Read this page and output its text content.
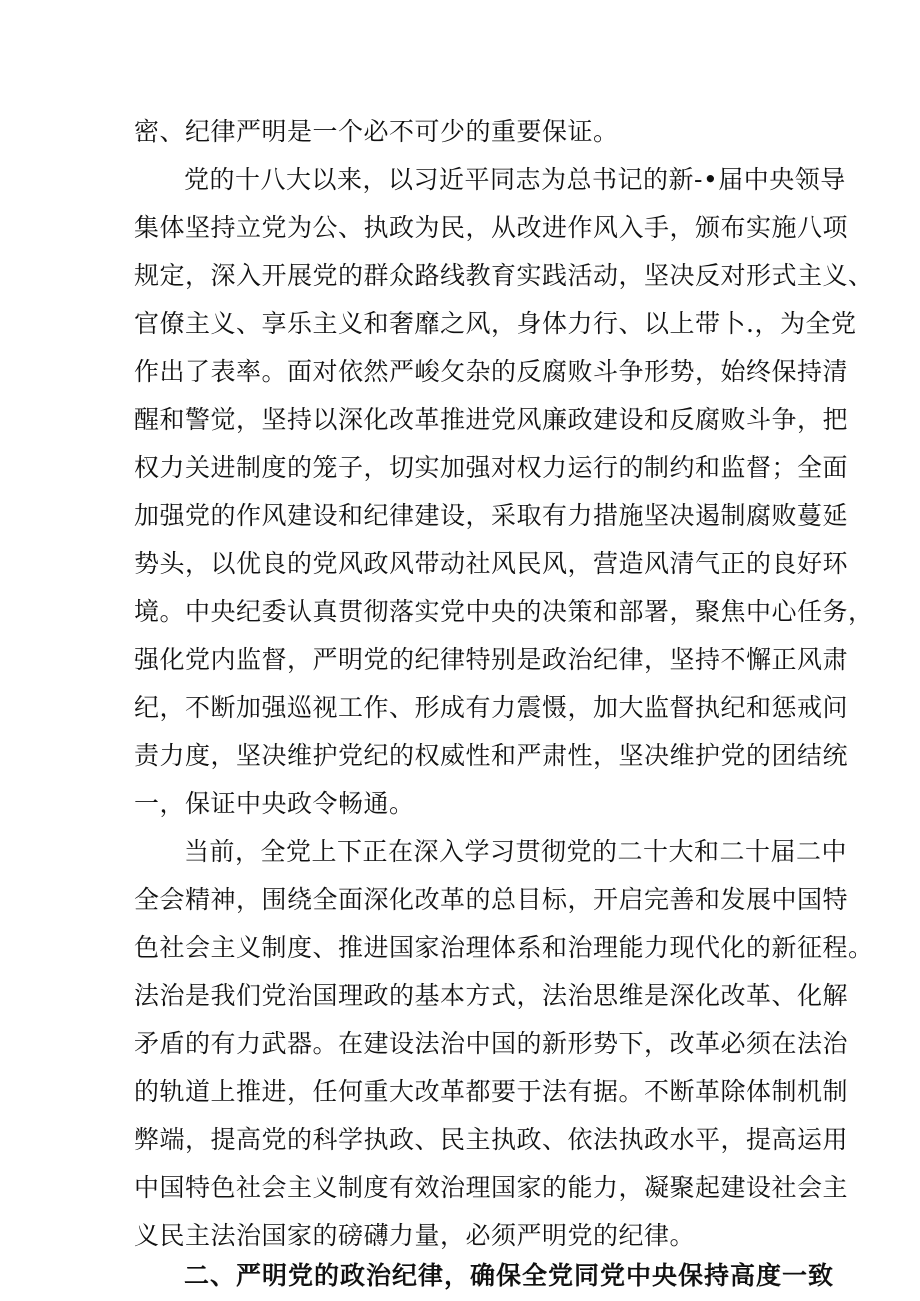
密、纪律严明是一个必不可少的重要保证。
党的十八大以来，以习近平同志为总书记的新-•届中央领导
集体坚持立党为公、执政为民，从改进作风入手，颁布实施八项
规定，深入开展党的群众路线教育实践活动，坚决反对形式主义、
官僚主义、享乐主义和奢靡之风，身体力行、以上带卜.，为全党
作出了表率。面对依然严峻攵杂的反腐败斗争形势，始终保持清
醒和警觉，坚持以深化改革推进党风廉政建设和反腐败斗争，把
权力关进制度的笼子，切实加强对权力运行的制约和监督；全面
加强党的作风建设和纪律建设，采取有力措施坚决遏制腐败蔓延
势头，以优良的党风政风带动社风民风，营造风清气正的良好环
境。中央纪委认真贯彻落实党中央的决策和部署，聚焦中心任务，
强化党内监督，严明党的纪律特别是政治纪律，坚持不懈正风肃
纪，不断加强巡视工作、形成有力震慑，加大监督执纪和惩戒问
责力度，坚决维护党纪的权威性和严肃性，坚决维护党的团结统
一，保证中央政令畅通。
当前，全党上下正在深入学习贯彻党的二十大和二十届二中
全会精神，围绕全面深化改革的总目标，开启完善和发展中国特
色社会主义制度、推进国家治理体系和治理能力现代化的新征程。
法治是我们党治国理政的基本方式，法治思维是深化改革、化解
矛盾的有力武器。在建设法治中国的新形势下，改革必须在法治
的轨道上推进，任何重大改革都要于法有据。不断革除体制机制
弊端，提高党的科学执政、民主执政、依法执政水平，提高运用
中国特色社会主义制度有效治理国家的能力，凝聚起建设社会主
义民主法治国家的磅礴力量，必须严明党的纪律。
二、严明党的政治纪律，确保全党同党中央保持高度一致
